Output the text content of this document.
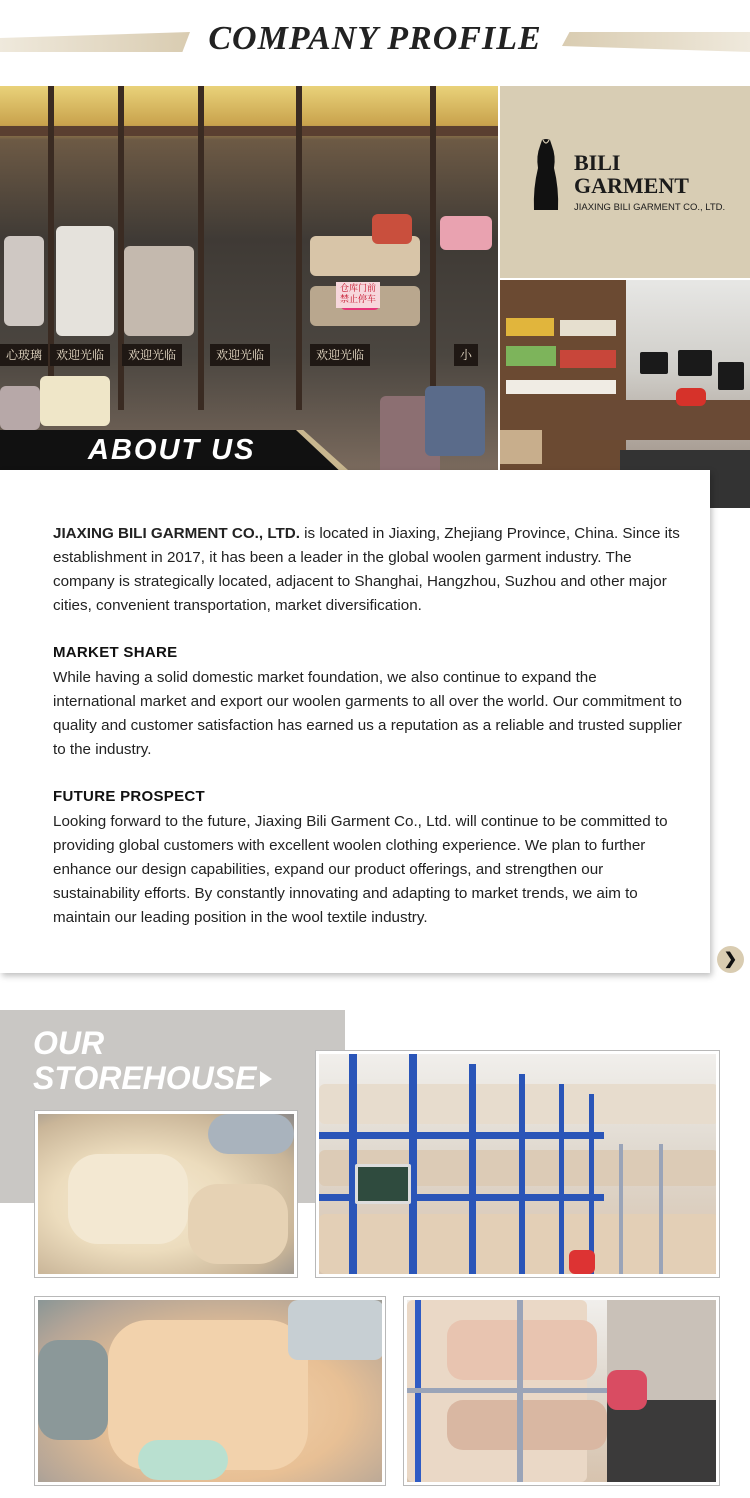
COMPANY PROFILE
心玻璃	欢迎光临	欢迎光临	欢迎光临	欢迎光临	小
仓库门前 禁止停车
BILI
GARMENT
JIAXING BILI GARMENT CO., LTD.
ABOUT US
JIAXING BILI GARMENT CO., LTD. is located in Jiaxing, Zhejiang Province, China. Since its establishment in 2017, it has been a leader in the global woolen garment industry. The company is strategically located, adjacent to Shanghai, Hangzhou, Suzhou and other major cities, convenient transportation, market diversification.
MARKET SHARE
While having a solid domestic market foundation, we also continue to expand the international market and export our woolen garments to all over the world. Our commitment to quality and customer satisfaction has earned us a reputation as a reliable and trusted supplier to the industry.
FUTURE PROSPECT
Looking forward to the future, Jiaxing Bili Garment Co., Ltd. will continue to be committed to providing global customers with excellent woolen clothing experience. We plan to further enhance our design capabilities, expand our product offerings, and strengthen our sustainability efforts. By constantly innovating and adapting to market trends, we aim to maintain our leading position in the wool textile industry.
❯
OUR
STOREHOUSE
